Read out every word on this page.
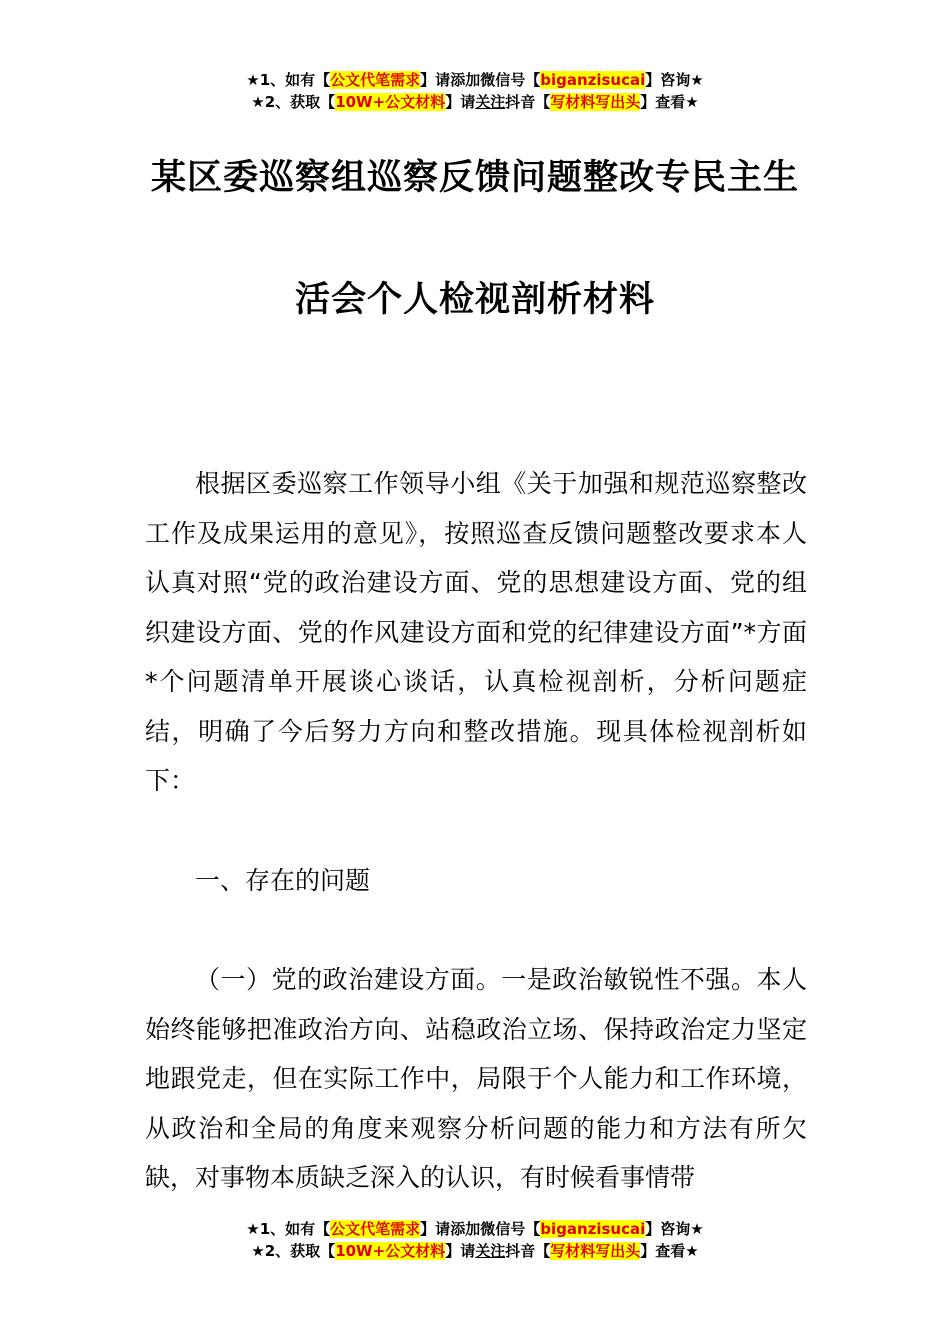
★1、如有【公文代笔需求】请添加微信号【biganzisucai】咨询★
★2、获取【10W+公文材料】请关注抖音【写材料写出头】查看★
某区委巡察组巡察反馈问题整改专民主生
活会个人检视剖析材料

根据区委巡察工作领导小组《关于加强和规范巡察整改工作及成果运用的意见》，按照巡查反馈问题整改要求本人认真对照“党的政治建设方面、党的思想建设方面、党的组织建设方面、党的作风建设方面和党的纪律建设方面”*方面*个问题清单开展谈心谈话，认真检视剖析，分析问题症结，明确了今后努力方向和整改措施。现具体检视剖析如下：

一、存在的问题

（一）党的政治建设方面。一是政治敏锐性不强。本人始终能够把准政治方向、站稳政治立场、保持政治定力坚定地跟党走，但在实际工作中，局限于个人能力和工作环境，从政治和全局的角度来观察分析问题的能力和方法有所欠缺，对事物本质缺乏深入的认识，有时候看事情带

★1、如有【公文代笔需求】请添加微信号【biganzisucai】咨询★
★2、获取【10W+公文材料】请关注抖音【写材料写出头】查看★
